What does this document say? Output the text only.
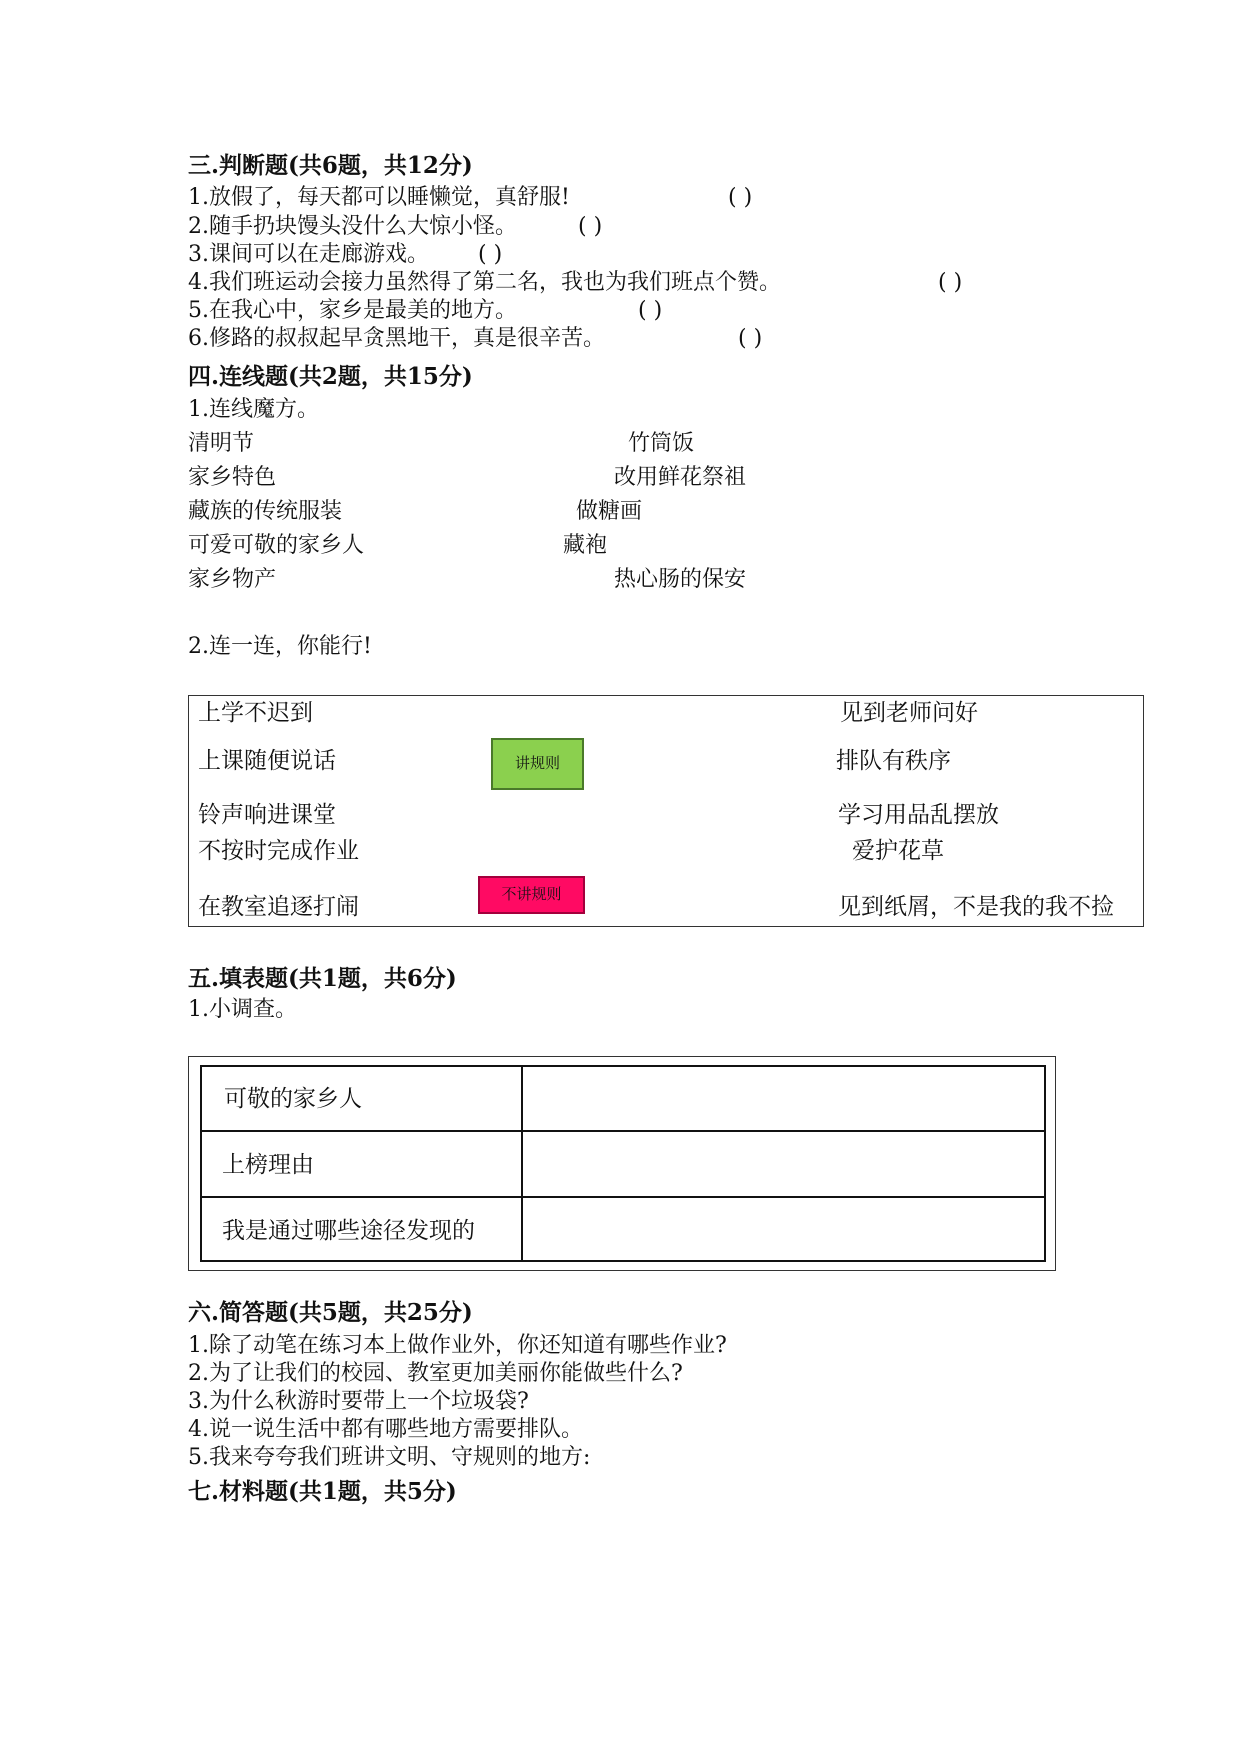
三.判断题(共6题，共12分)
1.放假了，每天都可以睡懒觉，真舒服!	( )
2.随手扔块馒头没什么大惊小怪。	( )
3.课间可以在走廊游戏。 ( )
4.我们班运动会接力虽然得了第二名，我也为我们班点个赞。	( )
5.在我心中，家乡是最美的地方。	( )
6.修路的叔叔起早贪黑地干，真是很辛苦。	( )
四.连线题(共2题，共15分)
1.连线魔方。
清明节
家乡特色
藏族的传统服装
可爱可敬的家乡人
家乡物产
竹筒饭
改用鲜花祭祖
做糖画
藏袍
热心肠的保安
2.连一连，你能行!
上学不迟到
上课随便说话
铃声响进课堂
不按时完成作业
在教室追逐打闹
见到老师问好
排队有秩序
学习用品乱摆放
爱护花草
见到纸屑，不是我的我不捡
讲规则
不讲规则
五.填表题(共1题，共6分)
1.小调查。
可敬的家乡人
上榜理由
我是通过哪些途径发现的
六.简答题(共5题，共25分)
1.除了动笔在练习本上做作业外，你还知道有哪些作业?
2.为了让我们的校园、教室更加美丽你能做些什么?
3.为什么秋游时要带上一个垃圾袋?
4.说一说生活中都有哪些地方需要排队。
5.我来夸夸我们班讲文明、守规则的地方:
七.材料题(共1题，共5分)
